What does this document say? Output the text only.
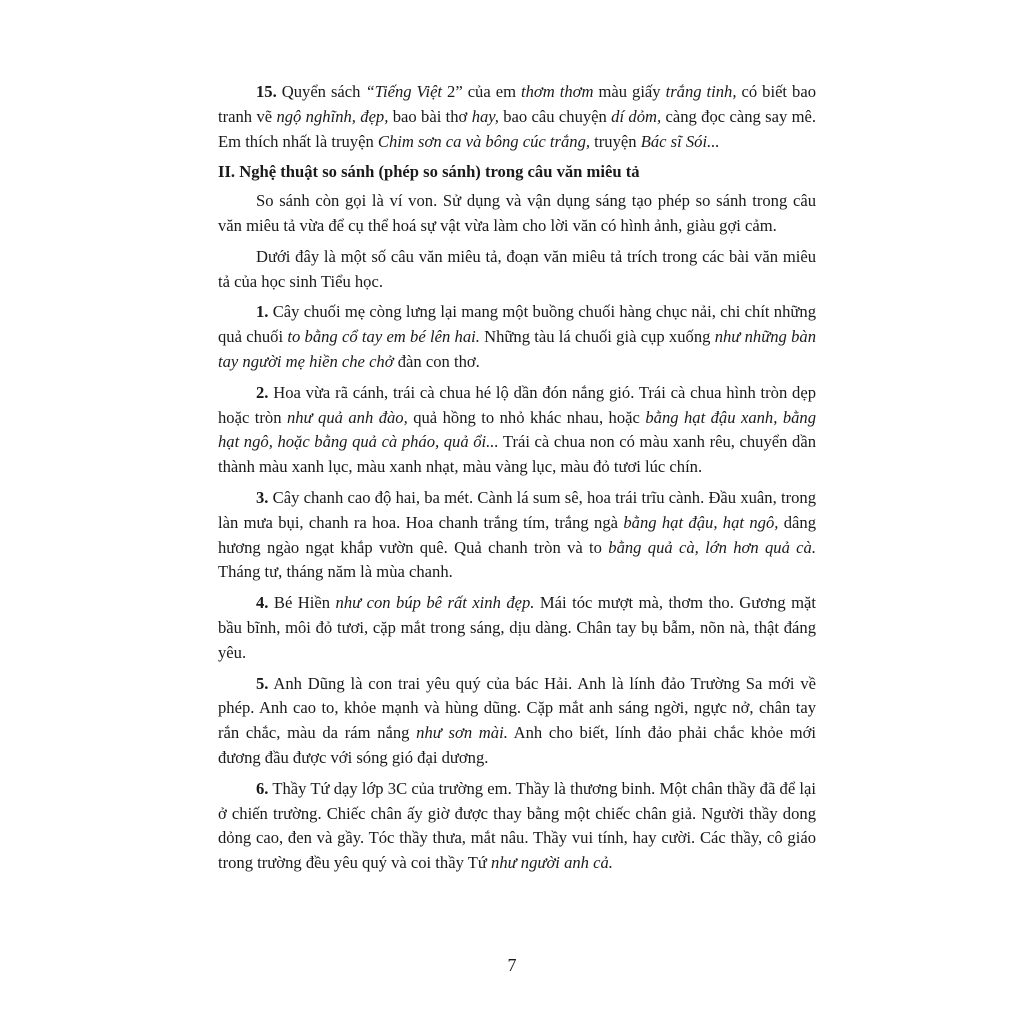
15. Quyển sách “Tiếng Việt 2” của em thơm thơm màu giấy trắng tinh, có biết bao tranh vẽ ngộ nghĩnh, đẹp, bao bài thơ hay, bao câu chuyện dí dỏm, càng đọc càng say mê. Em thích nhất là truyện Chim sơn ca và bông cúc trắng, truyện Bác sĩ Sói...

II. Nghệ thuật so sánh (phép so sánh) trong câu văn miêu tả

So sánh còn gọi là ví von. Sử dụng và vận dụng sáng tạo phép so sánh trong câu văn miêu tả vừa để cụ thể hoá sự vật vừa làm cho lời văn có hình ảnh, giàu gợi cảm.

Dưới đây là một số câu văn miêu tả, đoạn văn miêu tả trích trong các bài văn miêu tả của học sinh Tiểu học.

1. Cây chuối mẹ còng lưng lại mang một buồng chuối hàng chục nải, chi chít những quả chuối to bằng cổ tay em bé lên hai. Những tàu lá chuối già cụp xuống như những bàn tay người mẹ hiền che chở đàn con thơ.

2. Hoa vừa rã cánh, trái cà chua hé lộ dần đón nắng gió. Trái cà chua hình tròn dẹp hoặc tròn như quả anh đào, quả hồng to nhỏ khác nhau, hoặc bằng hạt đậu xanh, bằng hạt ngô, hoặc bằng quả cà pháo, quả ổi... Trái cà chua non có màu xanh rêu, chuyển dần thành màu xanh lục, màu xanh nhạt, màu vàng lục, màu đỏ tươi lúc chín.

3. Cây chanh cao độ hai, ba mét. Cành lá sum sê, hoa trái trĩu cành. Đầu xuân, trong làn mưa bụi, chanh ra hoa. Hoa chanh trắng tím, trắng ngà bằng hạt đậu, hạt ngô, dâng hương ngào ngạt khắp vườn quê. Quả chanh tròn và to bằng quả cà, lớn hơn quả cà. Tháng tư, tháng năm là mùa chanh.

4. Bé Hiền như con búp bê rất xinh đẹp. Mái tóc mượt mà, thơm tho. Gương mặt bầu bĩnh, môi đỏ tươi, cặp mắt trong sáng, dịu dàng. Chân tay bụ bẫm, nõn nà, thật đáng yêu.

5. Anh Dũng là con trai yêu quý của bác Hải. Anh là lính đảo Trường Sa mới về phép. Anh cao to, khỏe mạnh và hùng dũng. Cặp mắt anh sáng ngời, ngực nở, chân tay rắn chắc, màu da rám nắng như sơn mài. Anh cho biết, lính đảo phải chắc khỏe mới đương đầu được với sóng gió đại dương.

6. Thầy Tứ dạy lớp 3C của trường em. Thầy là thương binh. Một chân thầy đã để lại ở chiến trường. Chiếc chân ấy giờ được thay bằng một chiếc chân giả. Người thầy dong dỏng cao, đen và gầy. Tóc thầy thưa, mắt nâu. Thầy vui tính, hay cười. Các thầy, cô giáo trong trường đều yêu quý và coi thầy Tứ như người anh cả.

7
